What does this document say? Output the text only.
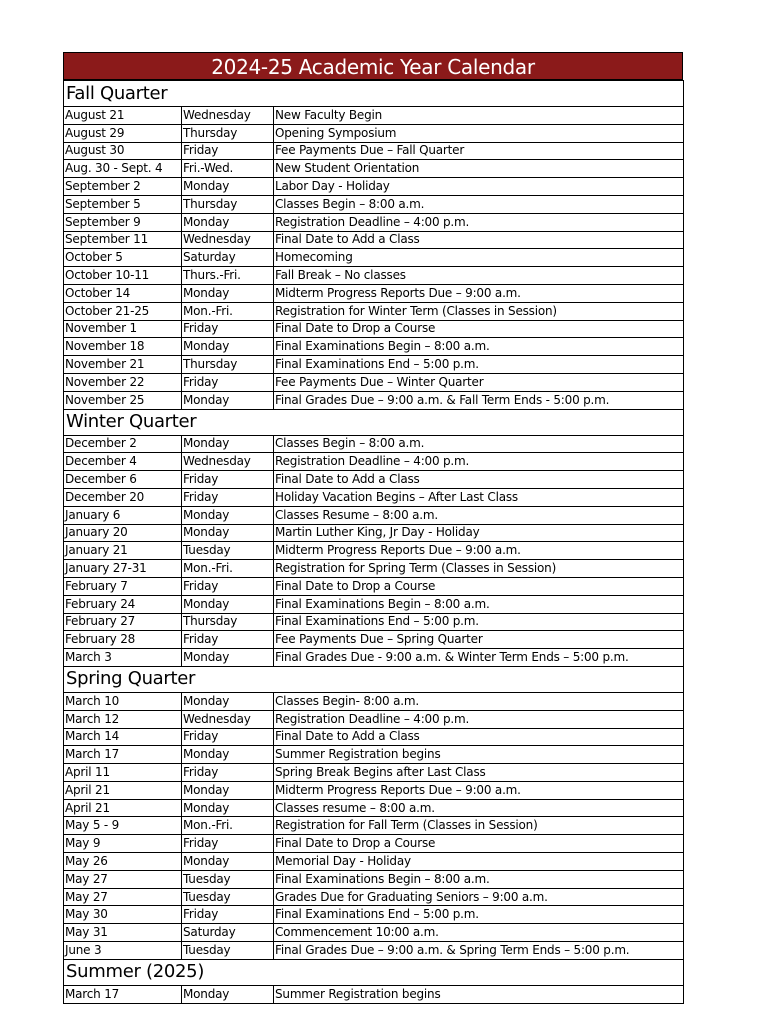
2024-25 Academic Year Calendar
Fall Quarter		
August 21	Wednesday	New Faculty Begin
August 29	Thursday	Opening Symposium
August 30	Friday	Fee Payments Due – Fall Quarter
Aug. 30 - Sept. 4	Fri.-Wed.	New Student Orientation
September 2	Monday	Labor Day - Holiday
September 5	Thursday	Classes Begin – 8:00 a.m.
September 9	Monday	Registration Deadline – 4:00 p.m.
September 11	Wednesday	Final Date to Add a Class
October 5	Saturday	Homecoming
October 10-11	Thurs.-Fri.	Fall Break – No classes
October 14	Monday	Midterm Progress Reports Due – 9:00 a.m.
October 21-25	Mon.-Fri.	Registration for Winter Term (Classes in Session)
November 1	Friday	Final Date to Drop a Course
November 18	Monday	Final Examinations Begin – 8:00 a.m.
November 21	Thursday	Final Examinations End – 5:00 p.m.
November 22	Friday	Fee Payments Due – Winter Quarter
November 25	Monday	Final Grades Due – 9:00 a.m. & Fall Term Ends - 5:00 p.m.
Winter Quarter		
December 2	Monday	Classes Begin – 8:00 a.m.
December 4	Wednesday	Registration Deadline – 4:00 p.m.
December 6	Friday	Final Date to Add a Class
December 20	Friday	Holiday Vacation Begins – After Last Class
January 6	Monday	Classes Resume – 8:00 a.m.
January 20	Monday	Martin Luther King, Jr Day - Holiday
January 21	Tuesday	Midterm Progress Reports Due – 9:00 a.m.
January 27-31	Mon.-Fri.	Registration for Spring Term (Classes in Session)
February 7	Friday	Final Date to Drop a Course
February 24	Monday	Final Examinations Begin – 8:00 a.m.
February 27	Thursday	Final Examinations End – 5:00 p.m.
February 28	Friday	Fee Payments Due – Spring Quarter
March 3	Monday	Final Grades Due - 9:00 a.m. & Winter Term Ends – 5:00 p.m.
Spring Quarter		
March 10	Monday	Classes Begin- 8:00 a.m.
March 12	Wednesday	Registration Deadline – 4:00 p.m.
March 14	Friday	Final Date to Add a Class
March 17	Monday	Summer Registration begins
April 11	Friday	Spring Break Begins after Last Class
April 21	Monday	Midterm Progress Reports Due – 9:00 a.m.
April 21	Monday	Classes resume – 8:00 a.m.
May 5 - 9	Mon.-Fri.	Registration for Fall Term (Classes in Session)
May 9	Friday	Final Date to Drop a Course
May 26	Monday	Memorial Day - Holiday
May 27	Tuesday	Final Examinations Begin – 8:00 a.m.
May 27	Tuesday	Grades Due for Graduating Seniors – 9:00 a.m.
May 30	Friday	Final Examinations End – 5:00 p.m.
May 31	Saturday	Commencement 10:00 a.m.
June 3	Tuesday	Final Grades Due – 9:00 a.m. & Spring Term Ends – 5:00 p.m.
Summer (2025)		
March 17	Monday	Summer Registration begins
